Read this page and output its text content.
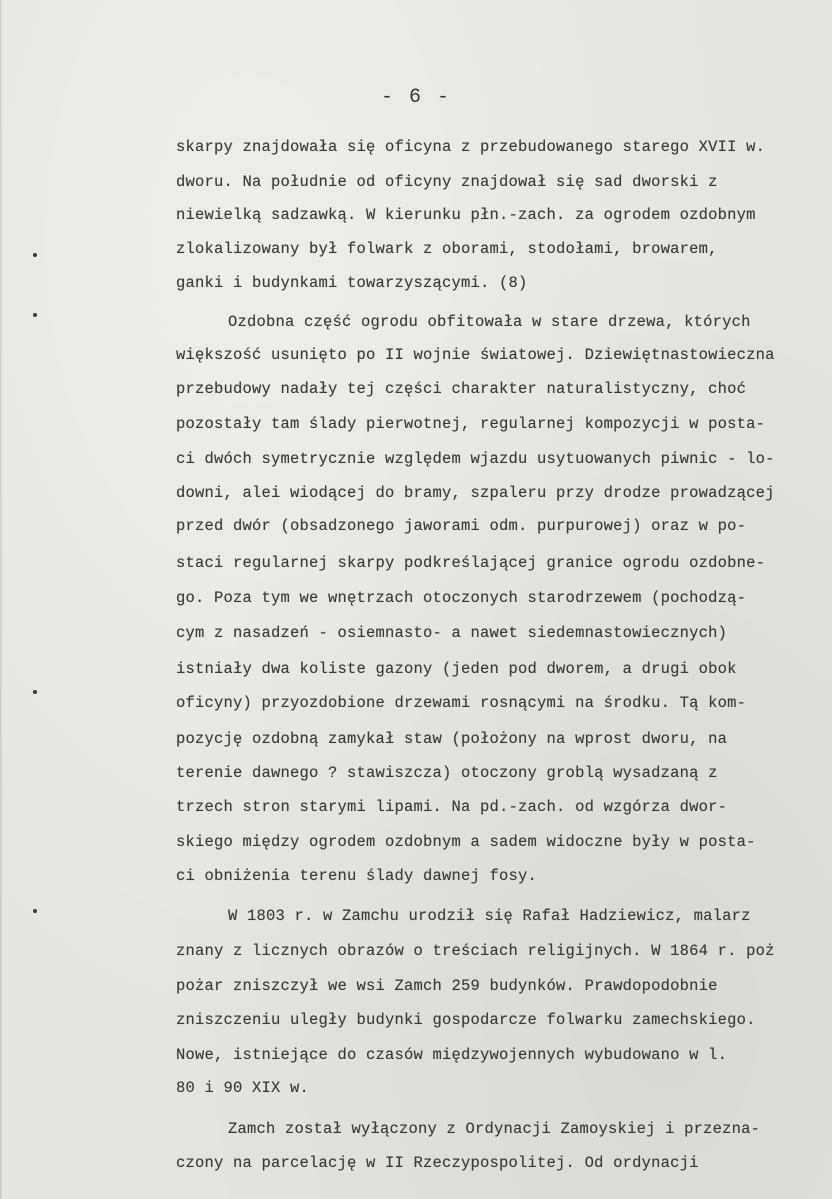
- 6 -
skarpy znajdowała się oficyna z przebudowanego starego XVII w.
dworu. Na południe od oficyny znajdował się sad dworski z
niewielką sadzawką. W kierunku płn.-zach. za ogrodem ozdobnym
zlokalizowany był folwark z oborami, stodołami, browarem,
ganki i budynkami towarzyszącymi. (8)
Ozdobna część ogrodu obfitowała w stare drzewa, których
większość usunięto po II wojnie światowej. Dziewiętnastowieczna
przebudowy nadały tej części charakter naturalistyczny, choć
pozostały tam ślady pierwotnej, regularnej kompozycji w posta-
ci dwóch symetrycznie względem wjazdu usytuowanych piwnic - lo-
downi, alei wiodącej do bramy, szpaleru przy drodze prowadzącej
przed dwór (obsadzonego jaworami odm. purpurowej) oraz w po-
staci regularnej skarpy podkreślającej granice ogrodu ozdobne-
go. Poza tym we wnętrzach otoczonych starodrzewem (pochodzą-
cym z nasadzeń - osiemnasto- a nawet siedemnastowiecznych)
istniały dwa koliste gazony (jeden pod dworem, a drugi obok
oficyny) przyozdobione drzewami rosnącymi na środku. Tą kom-
pozycję ozdobną zamykał staw (położony na wprost dworu, na
terenie dawnego ? stawiszcza) otoczony groblą wysadzaną z
trzech stron starymi lipami. Na pd.-zach. od wzgórza dwor-
skiego między ogrodem ozdobnym a sadem widoczne były w posta-
ci obniżenia terenu ślady dawnej fosy.
W 1803 r. w Zamchu urodził się Rafał Hadziewicz, malarz
znany z licznych obrazów o treściach religijnych. W 1864 r. poż
pożar zniszczył we wsi Zamch 259 budynków. Prawdopodobnie
zniszczeniu uległy budynki gospodarcze folwarku zamechskiego.
Nowe, istniejące do czasów międzywojennych wybudowano w l.
80 i 90 XIX w.
Zamch został wyłączony z Ordynacji Zamoyskiej i przezna-
czony na parcelację w II Rzeczypospolitej. Od ordynacji
